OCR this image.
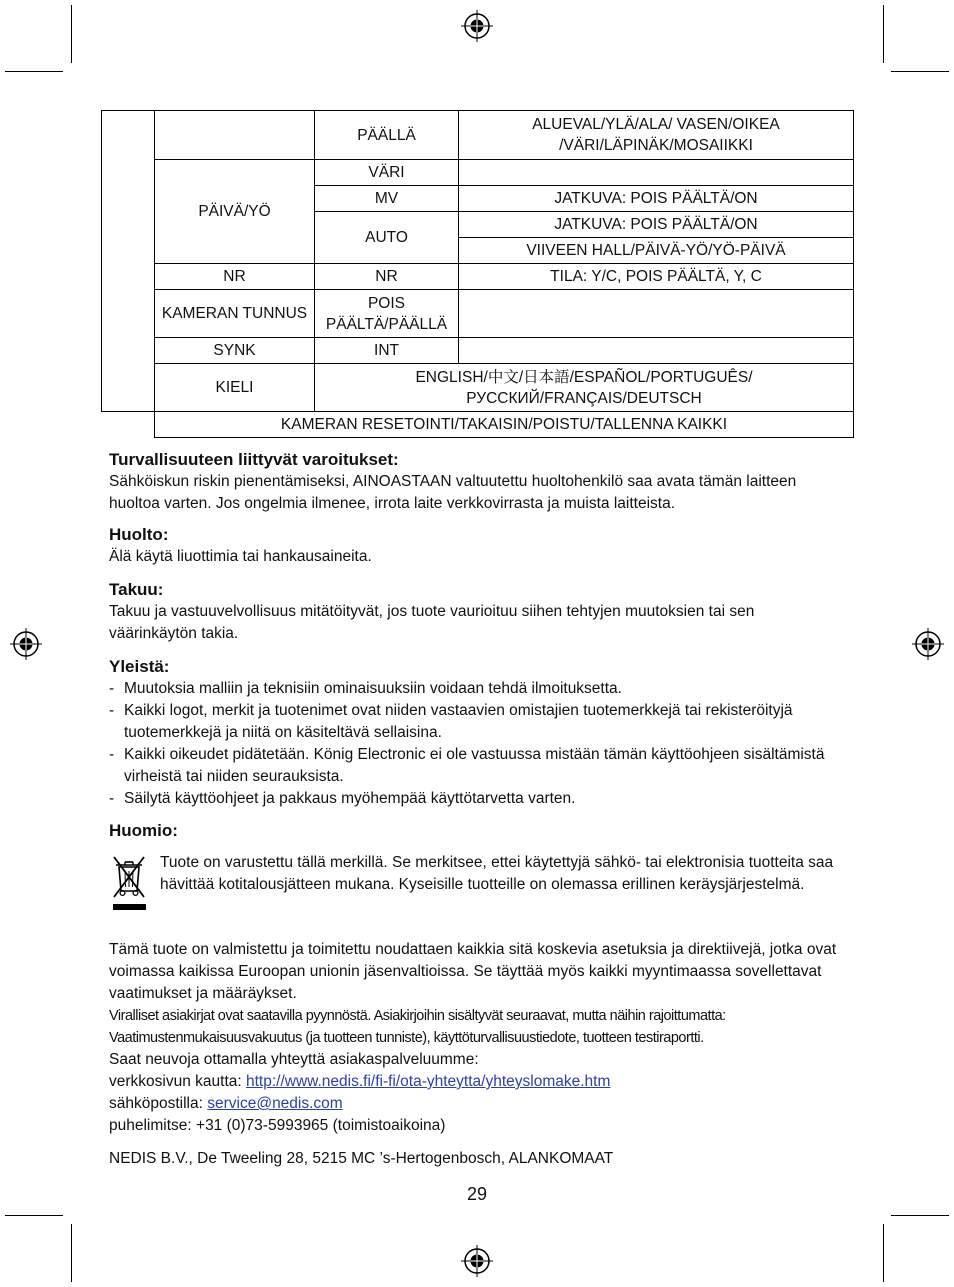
		PÄÄLLÄ	ALUEVAL/YLÄ/ALA/ VASEN/OIKEA /VÄRI/LÄPINÄK/MOSAIIKKI
	PÄIVÄ/YÖ	VÄRI	
		MV	JATKUVA: POIS PÄÄLTÄ/ON
		AUTO	JATKUVA: POIS PÄÄLTÄ/ON
			VIIVEEN HALL/PÄIVÄ-YÖ/YÖ-PÄIVÄ
	NR	NR	TILA: Y/C, POIS PÄÄLTÄ, Y, C
	KAMERAN TUNNUS	POIS PÄÄLTÄ/PÄÄLLÄ	
	SYNK	INT	
	KIELI	ENGLISH/中文/日本語/ESPAÑOL/PORTUGUÊS/
РУССКИЙ/FRANÇAIS/DEUTSCH	

	KAMERAN RESETOINTI/TAKAISIN/POISTU/TALLENNA KAIKKI		
Turvallisuuteen liittyvät varoitukset:

Sähköiskun riskin pienentämiseksi, AINOASTAAN valtuutettu huoltohenkilö saa avata tämän laitteen huoltoa varten. Jos ongelmia ilmenee, irrota laite verkkovirrasta ja muista laitteista.

Huolto:

Älä käytä liuottimia tai hankausaineita.

Takuu:

Takuu ja vastuuvelvollisuus mitätöityvät, jos tuote vaurioituu siihen tehtyjen muutoksien tai sen väärinkäytön takia.

Yleistä:
- Muutoksia malliin ja teknisiin ominaisuuksiin voidaan tehdä ilmoituksetta.
- Kaikki logot, merkit ja tuotenimet ovat niiden vastaavien omistajien tuotemerkkejä tai rekisteröityjä tuotemerkkejä ja niitä on käsiteltävä sellaisina.
- Kaikki oikeudet pidätetään. König Electronic ei ole vastuussa mistään tämän käyttöohjeen sisältämistä virheistä tai niiden seurauksista.
- Säilytä käyttöohjeet ja pakkaus myöhempää käyttötarvetta varten.
Huomio:

Tuote on varustettu tällä merkillä. Se merkitsee, ettei käytettyjä sähkö- tai elektronisia tuotteita saa hävittää kotitalousjätteen mukana. Kyseisille tuotteille on olemassa erillinen keräysjärjestelmä.

Tämä tuote on valmistettu ja toimitettu noudattaen kaikkia sitä koskevia asetuksia ja direktiivejä, jotka ovat voimassa kaikissa Euroopan unionin jäsenvaltioissa. Se täyttää myös kaikki myyntimaassa sovellettavat vaatimukset ja määräykset.

Viralliset asiakirjat ovat saatavilla pyynnöstä. Asiakirjoihin sisältyvät seuraavat, mutta näihin rajoittumatta:

Vaatimustenmukaisuusvakuutus (ja tuotteen tunniste), käyttöturvallisuustiedote, tuotteen testiraportti.

Saat neuvoja ottamalla yhteyttä asiakaspalveluumme:

verkkosivun kautta: http://www.nedis.fi/fi-fi/ota-yhteytta/yhteyslomake.htm

sähköpostilla: service@nedis.com

puhelimitse: +31 (0)73-5993965 (toimistoaikoina)

NEDIS B.V., De Tweeling 28, 5215 MC ’s-Hertogenbosch, ALANKOMAAT

29
